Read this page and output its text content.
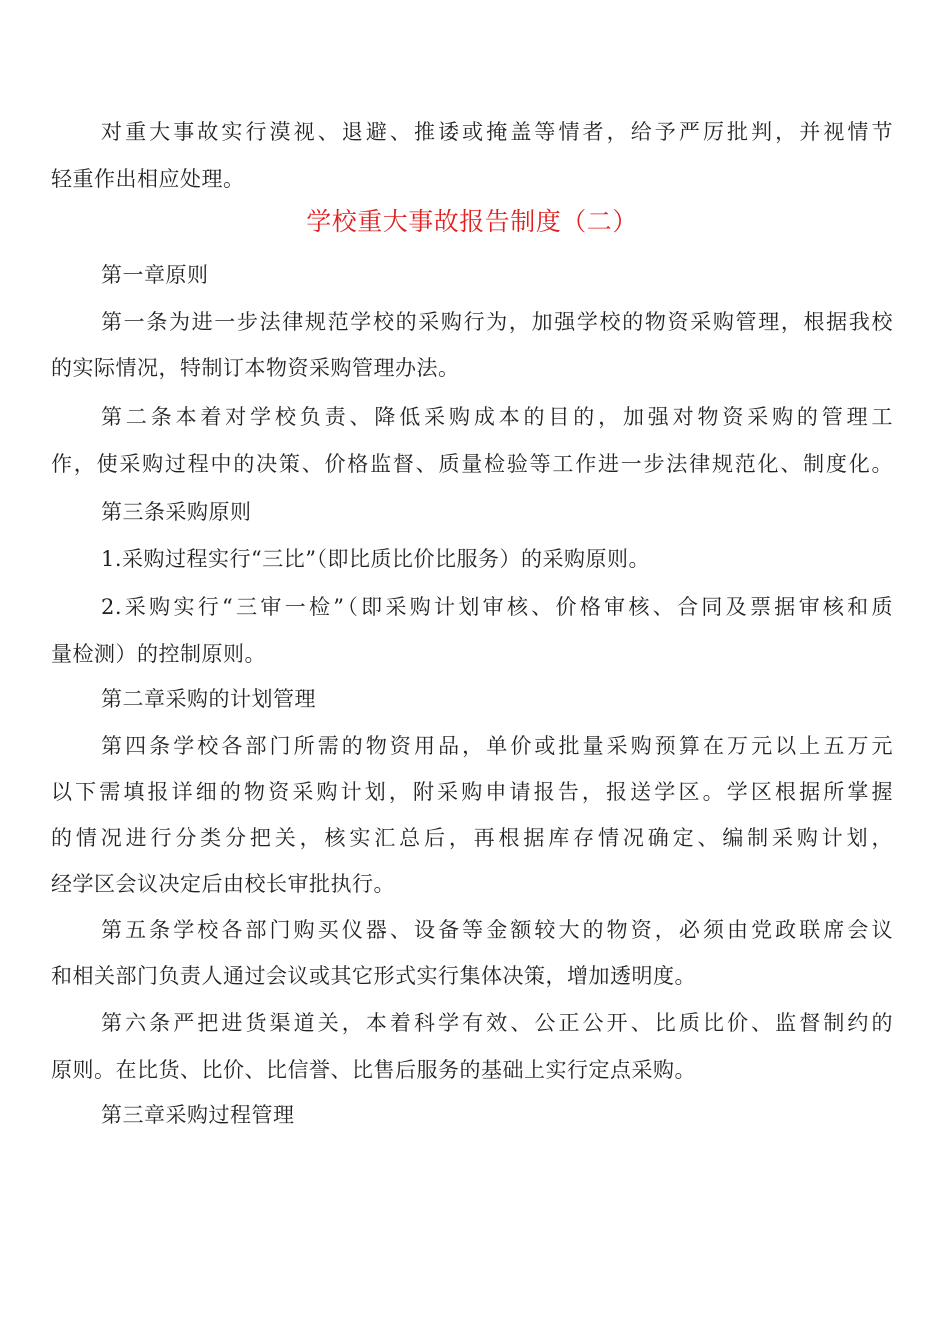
对重大事故实行漠视、退避、推诿或掩盖等情者，给予严厉批判，并视情节
轻重作出相应处理。
学校重大事故报告制度（二）
第一章原则
第一条为进一步法律规范学校的采购行为，加强学校的物资采购管理，根据我校
的实际情况，特制订本物资采购管理办法。
第二条本着对学校负责、降低采购成本的目的，加强对物资采购的管理工
作，使采购过程中的决策、价格监督、质量检验等工作进一步法律规范化、制度化。
第三条采购原则
1.采购过程实行“三比”（即比质比价比服务）的采购原则。
2.采购实行“三审一检”（即采购计划审核、价格审核、合同及票据审核和质
量检测）的控制原则。
第二章采购的计划管理
第四条学校各部门所需的物资用品，单价或批量采购预算在万元以上五万元
以下需填报详细的物资采购计划，附采购申请报告，报送学区。学区根据所掌握
的情况进行分类分把关，核实汇总后，再根据库存情况确定、编制采购计划，
经学区会议决定后由校长审批执行。
第五条学校各部门购买仪器、设备等金额较大的物资，必须由党政联席会议
和相关部门负责人通过会议或其它形式实行集体决策，增加透明度。
第六条严把进货渠道关，本着科学有效、公正公开、比质比价、监督制约的
原则。在比货、比价、比信誉、比售后服务的基础上实行定点采购。
第三章采购过程管理
